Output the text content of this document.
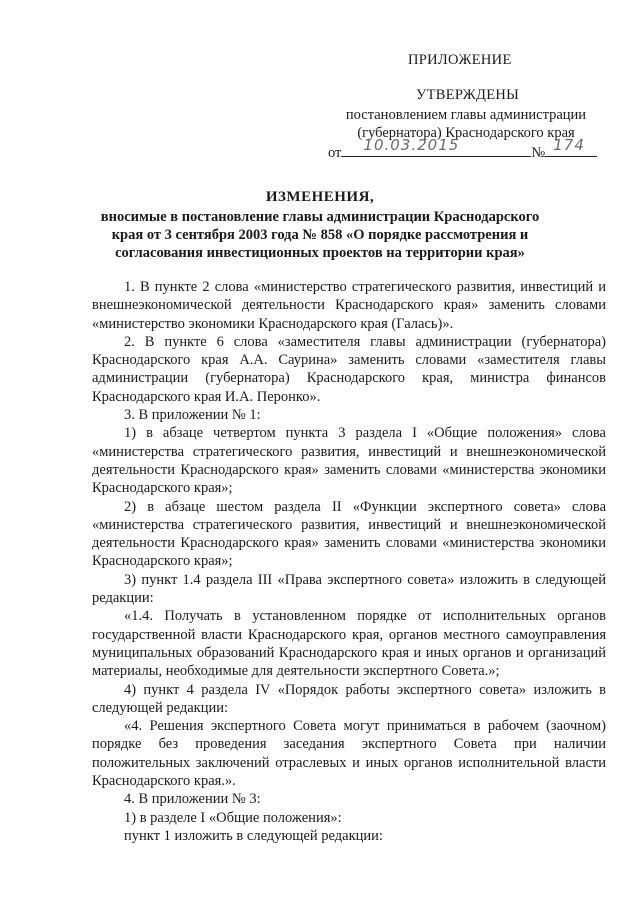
ПРИЛОЖЕНИЕ
УТВЕРЖДЕНЫ
постановлением главы администрации (губернатора) Краснодарского края
от 10.03.2015	№ 174
ИЗМЕНЕНИЯ,
вносимые в постановление главы администрации Краснодарского края от 3 сентября 2003 года № 858 «О порядке рассмотрения и согласования инвестиционных проектов на территории края»

1. В пункте 2 слова «министерство стратегического развития, инвестиций и внешнеэкономической деятельности Краснодарского края» заменить словами «министерство экономики Краснодарского края (Галась)».

2. В пункте 6 слова «заместителя главы администрации (губернатора) Краснодарского края А.А. Саурина» заменить словами «заместителя главы администрации (губернатора) Краснодарского края, министра финансов Краснодарского края И.А. Перонко».

3. В приложении № 1:

1) в абзаце четвертом пункта 3 раздела I «Общие положения» слова «министерства стратегического развития, инвестиций и внешнеэкономической деятельности Краснодарского края» заменить словами «министерства экономики Краснодарского края»;

2) в абзаце шестом раздела II «Функции экспертного совета» слова «министерства стратегического развития, инвестиций и внешнеэкономической деятельности Краснодарского края» заменить словами «министерства экономики Краснодарского края»;

3) пункт 1.4 раздела III «Права экспертного совета» изложить в следующей редакции:

«1.4. Получать в установленном порядке от исполнительных органов государственной власти Краснодарского края, органов местного самоуправления муниципальных образований Краснодарского края и иных органов и организаций материалы, необходимые для деятельности экспертного Совета.»;

4) пункт 4 раздела IV «Порядок работы экспертного совета» изложить в следующей редакции:

«4. Решения экспертного Совета могут приниматься в рабочем (заочном) порядке без проведения заседания экспертного Совета при наличии положительных заключений отраслевых и иных органов исполнительной власти Краснодарского края.».

4. В приложении № 3:

1) в разделе I «Общие положения»:

пункт 1 изложить в следующей редакции:
